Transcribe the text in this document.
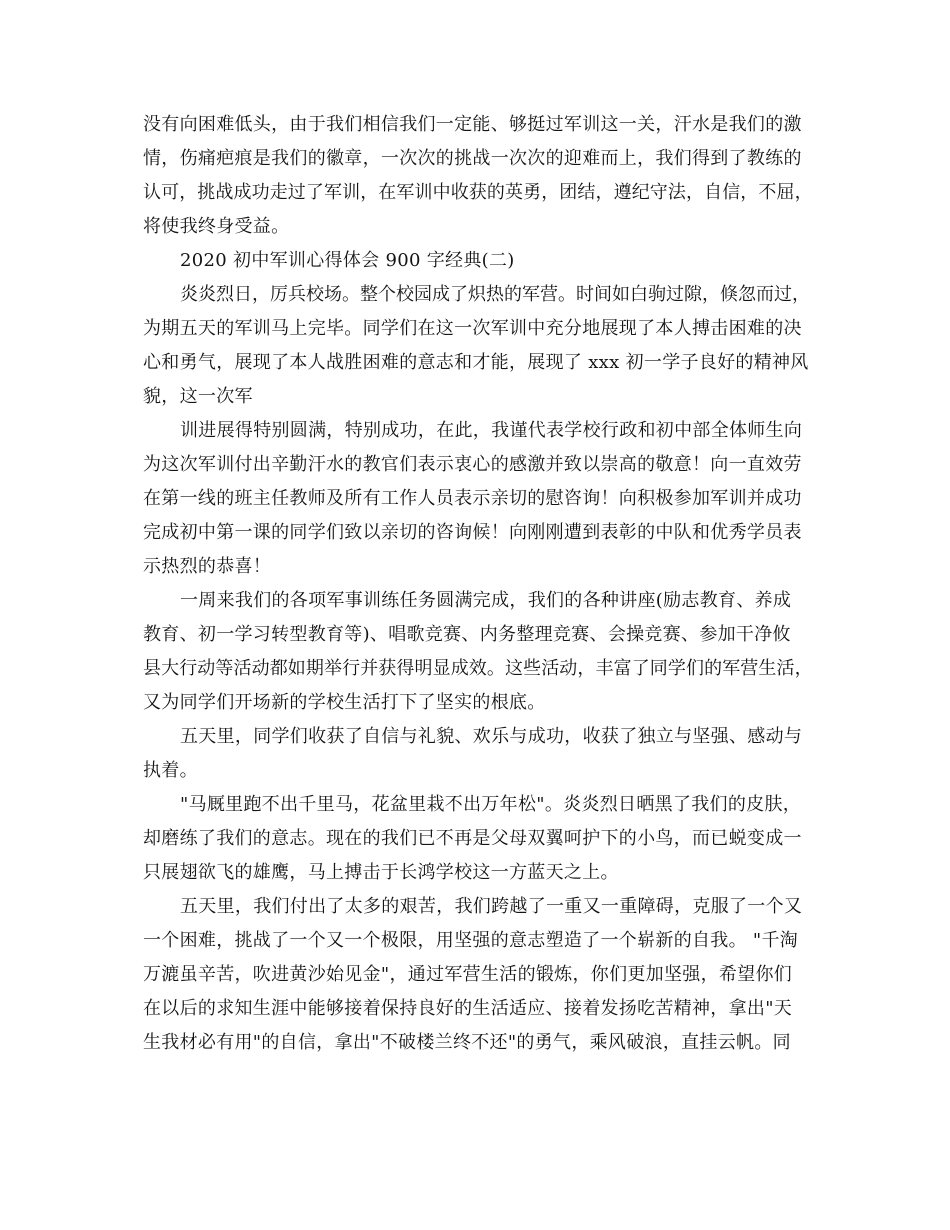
没有向困难低头，由于我们相信我们一定能、够挺过军训这一关，汗水是我们的激
情，伤痛疤痕是我们的徽章，一次次的挑战一次次的迎难而上，我们得到了教练的
认可，挑战成功走过了军训，在军训中收获的英勇，团结，遵纪守法，自信，不屈，
将使我终身受益。
2020 初中军训心得体会 900 字经典(二)
炎炎烈日，厉兵校场。整个校园成了炽热的军营。时间如白驹过隙，倏忽而过，
为期五天的军训马上完毕。同学们在这一次军训中充分地展现了本人搏击困难的决
心和勇气，展现了本人战胜困难的意志和才能，展现了 xxx 初一学子良好的精神风
貌，这一次军
训进展得特别圆满，特别成功，在此，我谨代表学校行政和初中部全体师生向
为这次军训付出辛勤汗水的教官们表示衷心的感激并致以崇高的敬意！向一直效劳
在第一线的班主任教师及所有工作人员表示亲切的慰咨询！向积极参加军训并成功
完成初中第一课的同学们致以亲切的咨询候！向刚刚遭到表彰的中队和优秀学员表
示热烈的恭喜！
一周来我们的各项军事训练任务圆满完成，我们的各种讲座(励志教育、养成
教育、初一学习转型教育等)、唱歌竞赛、内务整理竞赛、会操竞赛、参加干净攸
县大行动等活动都如期举行并获得明显成效。这些活动，丰富了同学们的军营生活，
又为同学们开场新的学校生活打下了坚实的根底。
五天里，同学们收获了自信与礼貌、欢乐与成功，收获了独立与坚强、感动与
执着。
"马厩里跑不出千里马，花盆里栽不出万年松"。炎炎烈日晒黑了我们的皮肤，
却磨练了我们的意志。现在的我们已不再是父母双翼呵护下的小鸟，而已蜕变成一
只展翅欲飞的雄鹰，马上搏击于长鸿学校这一方蓝天之上。
五天里，我们付出了太多的艰苦，我们跨越了一重又一重障碍，克服了一个又
一个困难，挑战了一个又一个极限，用坚强的意志塑造了一个崭新的自我。 "千淘
万漉虽辛苦，吹进黄沙始见金"，通过军营生活的锻炼，你们更加坚强，希望你们
在以后的求知生涯中能够接着保持良好的生活适应、接着发扬吃苦精神，拿出"天
生我材必有用"的自信，拿出"不破楼兰终不还"的勇气，乘风破浪，直挂云帆。同
